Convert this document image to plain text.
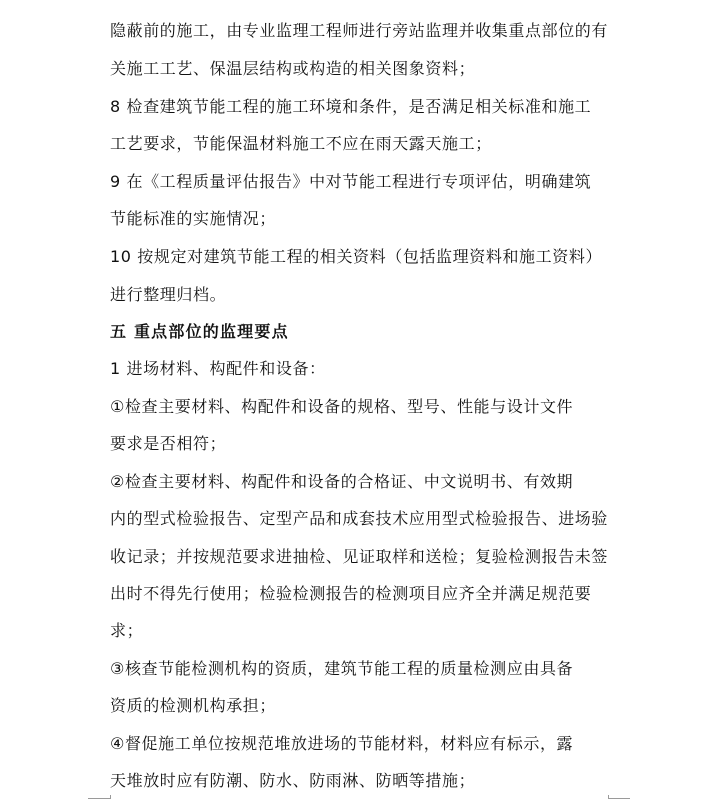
隐蔽前的施工，由专业监理工程师进行旁站监理并收集重点部位的有
关施工工艺、保温层结构或构造的相关图象资料；
8 检查建筑节能工程的施工环境和条件，是否满足相关标准和施工
工艺要求，节能保温材料施工不应在雨天露天施工；
9 在《工程质量评估报告》中对节能工程进行专项评估，明确建筑
节能标准的实施情况；
10 按规定对建筑节能工程的相关资料（包括监理资料和施工资料）
进行整理归档。
五 重点部位的监理要点
1 进场材料、构配件和设备：
①检查主要材料、构配件和设备的规格、型号、性能与设计文件
要求是否相符；
②检查主要材料、构配件和设备的合格证、中文说明书、有效期
内的型式检验报告、定型产品和成套技术应用型式检验报告、进场验
收记录；并按规范要求进抽检、见证取样和送检；复验检测报告未签
出时不得先行使用；检验检测报告的检测项目应齐全并满足规范要
求；
③核查节能检测机构的资质，建筑节能工程的质量检测应由具备
资质的检测机构承担；
④督促施工单位按规范堆放进场的节能材料，材料应有标示，露
天堆放时应有防潮、防水、防雨淋、防晒等措施；
